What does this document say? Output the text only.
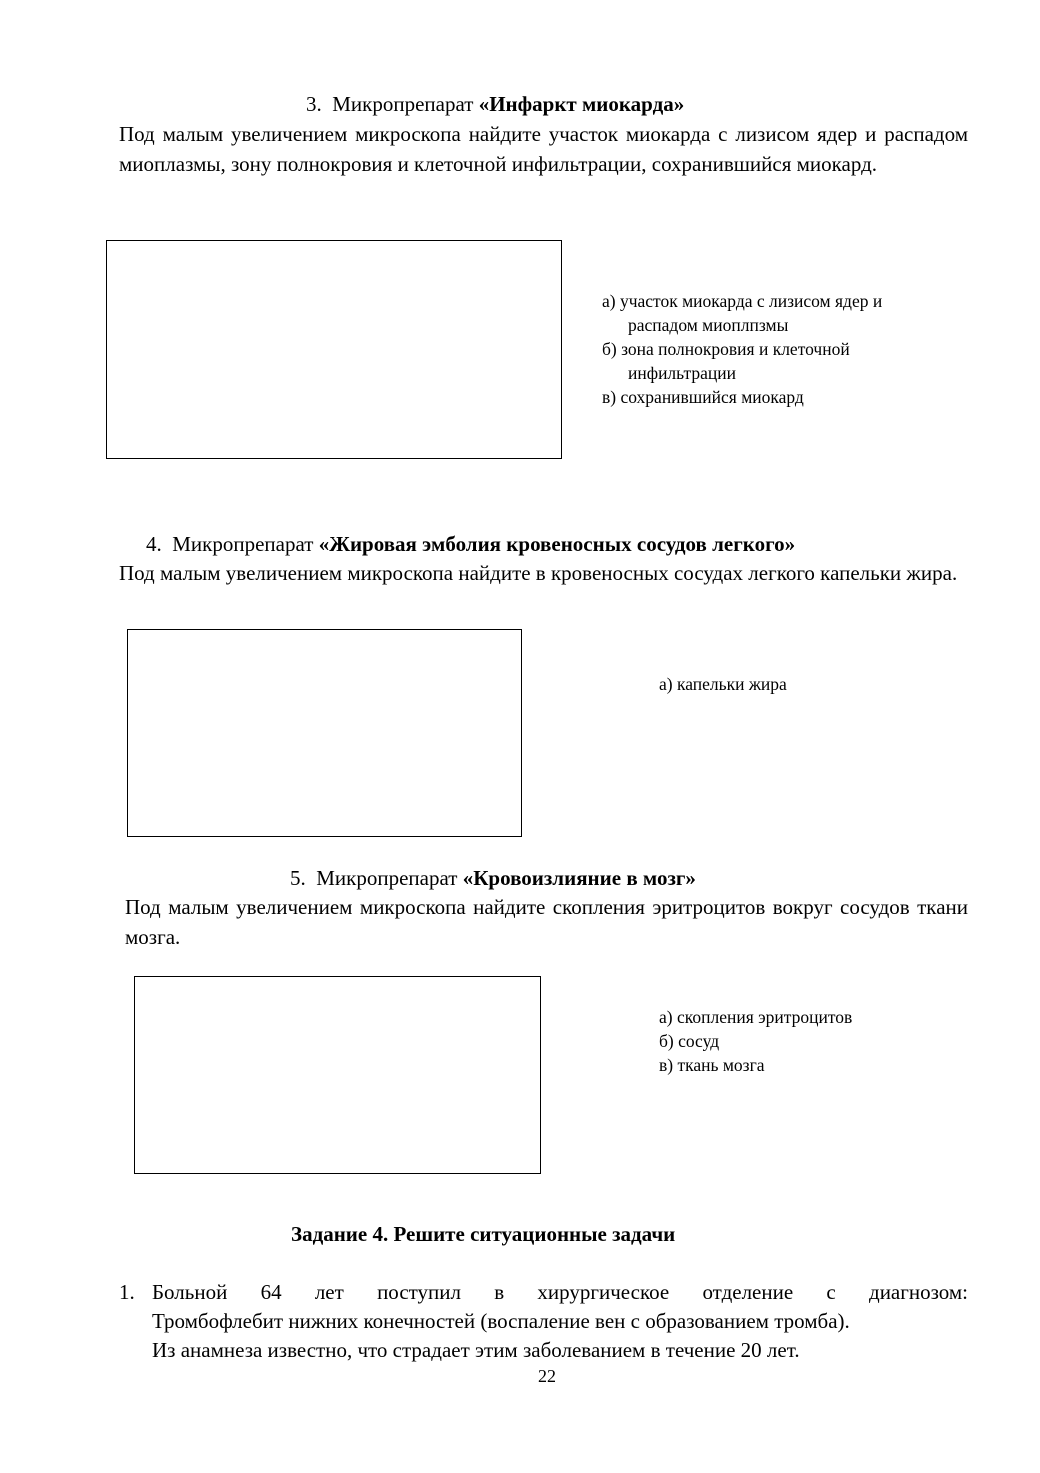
3. Микропрепарат «Инфаркт миокарда»
Под малым увеличением микроскопа найдите участок миокарда с лизисом ядер и распадом миоплазмы, зону полнокровия и клеточной инфильтрации, сохранившийся миокард.
а) участок миокарда с лизисом ядер и
распадом миоплпзмы
б) зона полнокровия и клеточной
инфильтрации
в) сохранившийся миокард
4. Микропрепарат «Жировая эмболия кровеносных сосудов легкого»
Под малым увеличением микроскопа найдите в кровеносных сосудах легкого капельки жира.
а) капельки жира
5. Микропрепарат «Кровоизлияние в мозг»
Под малым увеличением микроскопа найдите скопления эритроцитов вокруг сосудов ткани мозга.
а) скопления эритроцитов
б) сосуд
в) ткань мозга
Задание 4. Решите ситуационные задачи
1. Больной 64 лет поступил в хирургическое отделение с диагнозом:
Тромбофлебит нижних конечностей (воспаление вен с образованием тромба).
Из анамнеза известно, что страдает этим заболеванием в течение 20 лет.
22
